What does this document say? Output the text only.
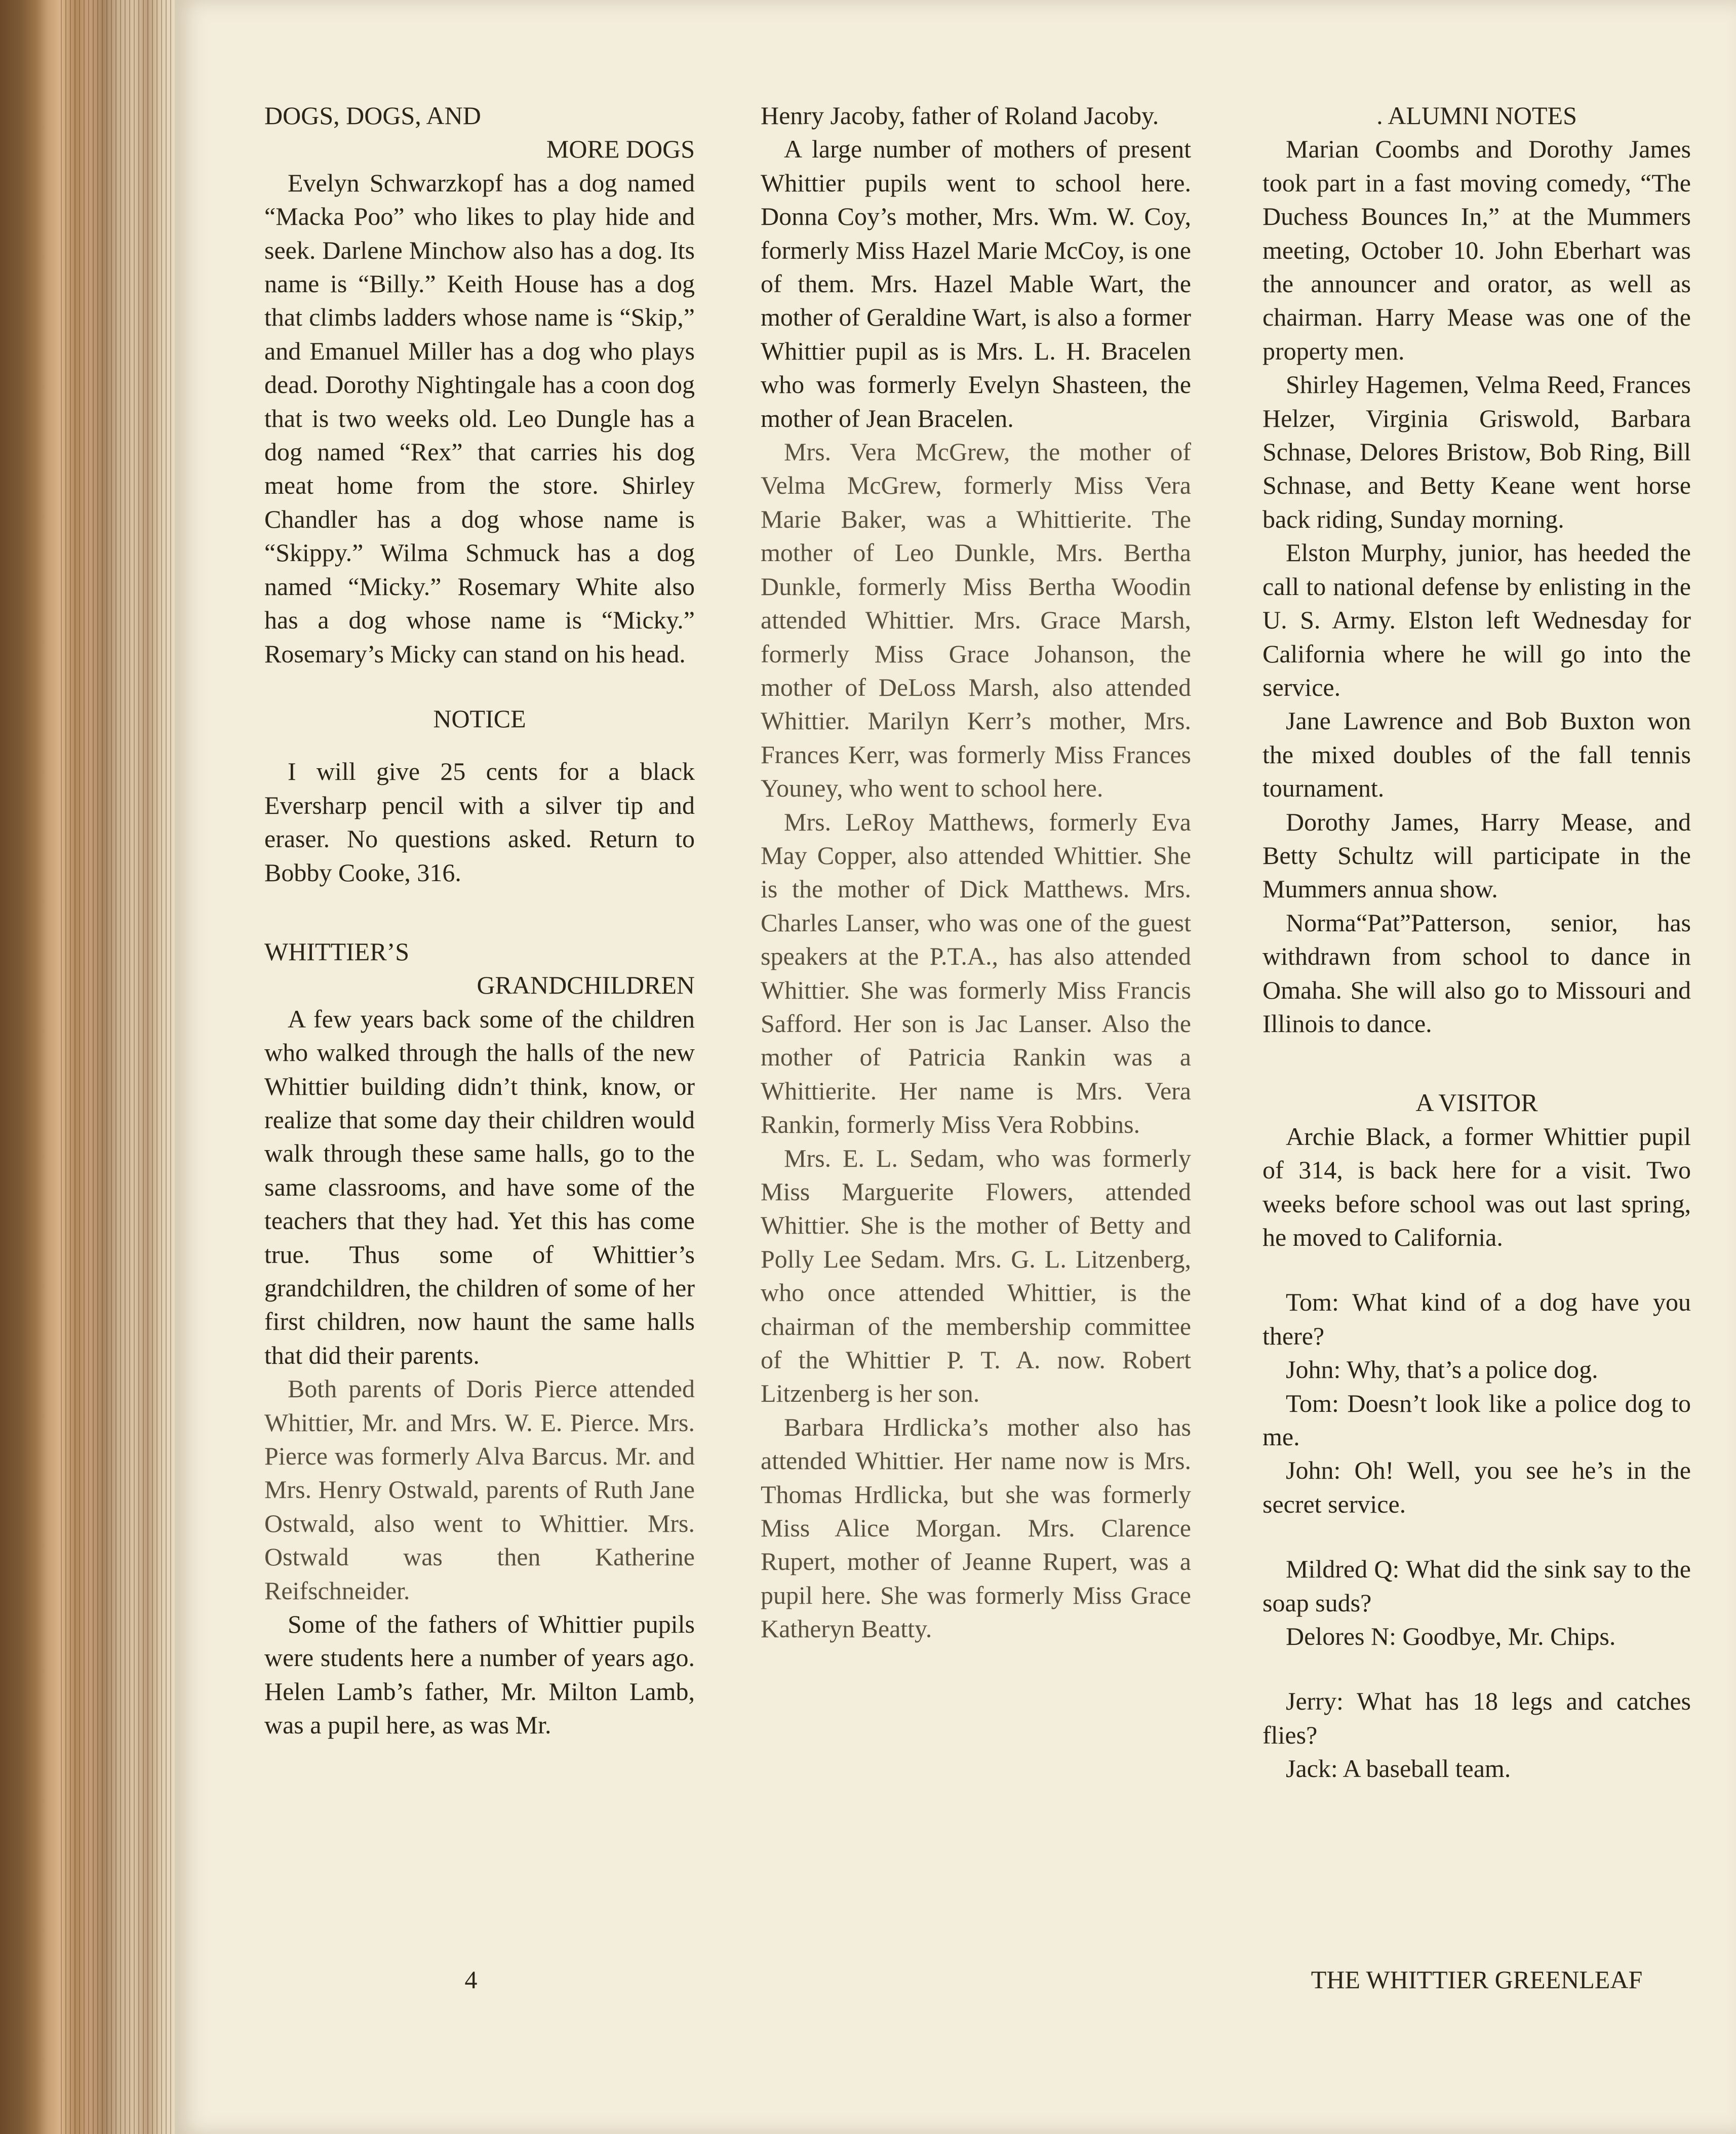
DOGS, DOGS, AND
MORE DOGS

Evelyn Schwarzkopf has a dog named “Macka Poo” who likes to play hide and seek. Darlene Minchow also has a dog. Its name is “Billy.” Keith House has a dog that climbs ladders whose name is “Skip,” and Emanuel Miller has a dog who plays dead. Dorothy Nightingale has a coon dog that is two weeks old. Leo Dungle has a dog named “Rex” that carries his dog meat home from the store. Shirley Chandler has a dog whose name is “Skippy.” Wilma Schmuck has a dog named “Micky.” Rosemary White also has a dog whose name is “Micky.” Rosemary’s Micky can stand on his head.

NOTICE

I will give 25 cents for a black Eversharp pencil with a silver tip and eraser. No questions asked. Return to Bobby Cooke, 316.

WHITTIER’S
GRANDCHILDREN

A few years back some of the children who walked through the halls of the new Whittier building didn’t think, know, or realize that some day their children would walk through these same halls, go to the same classrooms, and have some of the teachers that they had. Yet this has come true. Thus some of Whittier’s grandchildren, the children of some of her first children, now haunt the same halls that did their parents.

Both parents of Doris Pierce attended Whittier, Mr. and Mrs. W. E. Pierce. Mrs. Pierce was formerly Alva Barcus. Mr. and Mrs. Henry Ostwald, parents of Ruth Jane Ostwald, also went to Whittier. Mrs. Ostwald was then Katherine Reifschneider.

Some of the fathers of Whittier pupils were students here a number of years ago. Helen Lamb’s father, Mr. Milton Lamb, was a pupil here, as was Mr.

4

Henry Jacoby, father of Roland Jacoby.

A large number of mothers of present Whittier pupils went to school here. Donna Coy’s mother, Mrs. Wm. W. Coy, formerly Miss Hazel Marie McCoy, is one of them. Mrs. Hazel Mable Wart, the mother of Geraldine Wart, is also a former Whittier pupil as is Mrs. L. H. Bracelen who was formerly Evelyn Shasteen, the mother of Jean Bracelen.

Mrs. Vera McGrew, the mother of Velma McGrew, formerly Miss Vera Marie Baker, was a Whittierite. The mother of Leo Dunkle, Mrs. Bertha Dunkle, formerly Miss Bertha Woodin attended Whittier. Mrs. Grace Marsh, formerly Miss Grace Johanson, the mother of DeLoss Marsh, also attended Whittier. Marilyn Kerr’s mother, Mrs. Frances Kerr, was formerly Miss Frances Youney, who went to school here.

Mrs. LeRoy Matthews, formerly Eva May Copper, also attended Whittier. She is the mother of Dick Matthews. Mrs. Charles Lanser, who was one of the guest speakers at the P.T.A., has also attended Whittier. She was formerly Miss Francis Safford. Her son is Jac Lanser. Also the mother of Patricia Rankin was a Whittierite. Her name is Mrs. Vera Rankin, formerly Miss Vera Robbins.

Mrs. E. L. Sedam, who was formerly Miss Marguerite Flowers, attended Whittier. She is the mother of Betty and Polly Lee Sedam. Mrs. G. L. Litzenberg, who once attended Whittier, is the chairman of the membership committee of the Whittier P. T. A. now. Robert Litzenberg is her son.

Barbara Hrdlicka’s mother also has attended Whittier. Her name now is Mrs. Thomas Hrdlicka, but she was formerly Miss Alice Morgan. Mrs. Clarence Rupert, mother of Jeanne Rupert, was a pupil here. She was formerly Miss Grace Katheryn Beatty.

. ALUMNI NOTES

Marian Coombs and Dorothy James took part in a fast moving comedy, “The Duchess Bounces In,” at the Mummers meeting, October 10. John Eberhart was the announcer and orator, as well as chairman. Harry Mease was one of the property men.

Shirley Hagemen, Velma Reed, Frances Helzer, Virginia Griswold, Barbara Schnase, Delores Bristow, Bob Ring, Bill Schnase, and Betty Keane went horse back riding, Sunday morning.

Elston Murphy, junior, has heeded the call to national defense by enlisting in the U. S. Army. Elston left Wednesday for California where he will go into the service.

Jane Lawrence and Bob Buxton won the mixed doubles of the fall tennis tournament.

Dorothy James, Harry Mease, and Betty Schultz will participate in the Mummers annua show.

Norma“Pat”Patterson, senior, has withdrawn from school to dance in Omaha. She will also go to Missouri and Illinois to dance.

A VISITOR

Archie Black, a former Whittier pupil of 314, is back here for a visit. Two weeks before school was out last spring, he moved to California.

Tom: What kind of a dog have you there?

John: Why, that’s a police dog.

Tom: Doesn’t look like a police dog to me.

John: Oh! Well, you see he’s in the secret service.

Mildred Q: What did the sink say to the soap suds?

Delores N: Goodbye, Mr. Chips.

Jerry: What has 18 legs and catches flies?

Jack: A baseball team.

THE WHITTIER GREENLEAF
